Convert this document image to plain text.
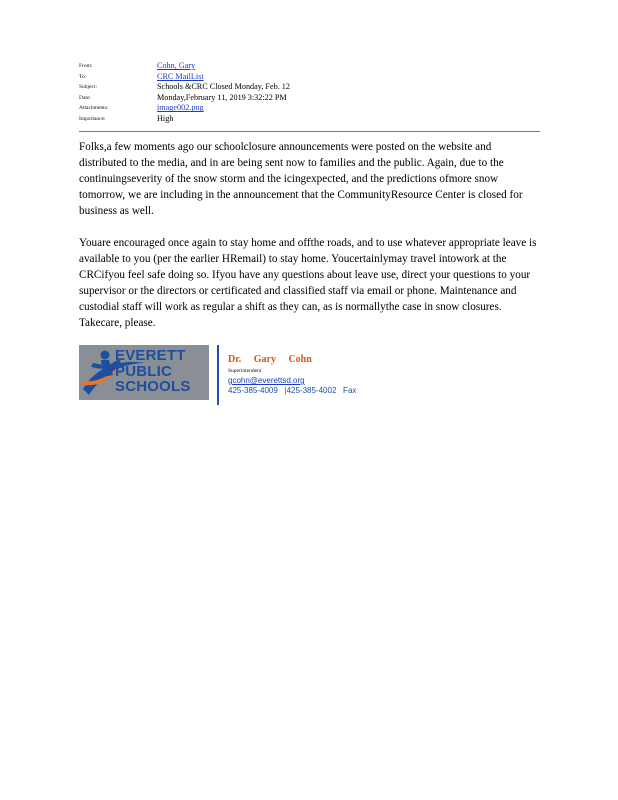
From:	Cohn, Gary
To:	CRC MailList
Subject:	Schools &CRC Closed Monday, Feb. 12
Date:	Monday,February 11, 2019 3:32:22 PM
Attachments:	image002.png
Importance:	High

Folks,a few moments ago our schoolclosure announcements were posted on the website and distributed to the media, and in are being sent now to families and the public. Again, due to the continuingseverity of the snow storm and the icingexpected, and the predictions ofmore snow tomorrow, we are including in the announcement that the CommunityResource Center is closed for business as well.

Youare encouraged once again to stay home and offthe roads, and to use whatever appropriate leave is available to you (per the earlier HRemail) to stay home. Youcertainlymay travel intowork at the CRCifyou feel safe doing so. Ifyou have any questions about leave use, direct your questions to your supervisor or the directors or certificated and classified staff via email or phone. Maintenance and custodial staff will work as regular a shift as they can, as is normallythe case in snow closures. Takecare, please.

EVERETT
PUBLIC
SCHOOLS
Dr. Gary Cohn
Superintendent
gcohn@everettsd.org
425-385-4009   |425-385-4002   Fax
